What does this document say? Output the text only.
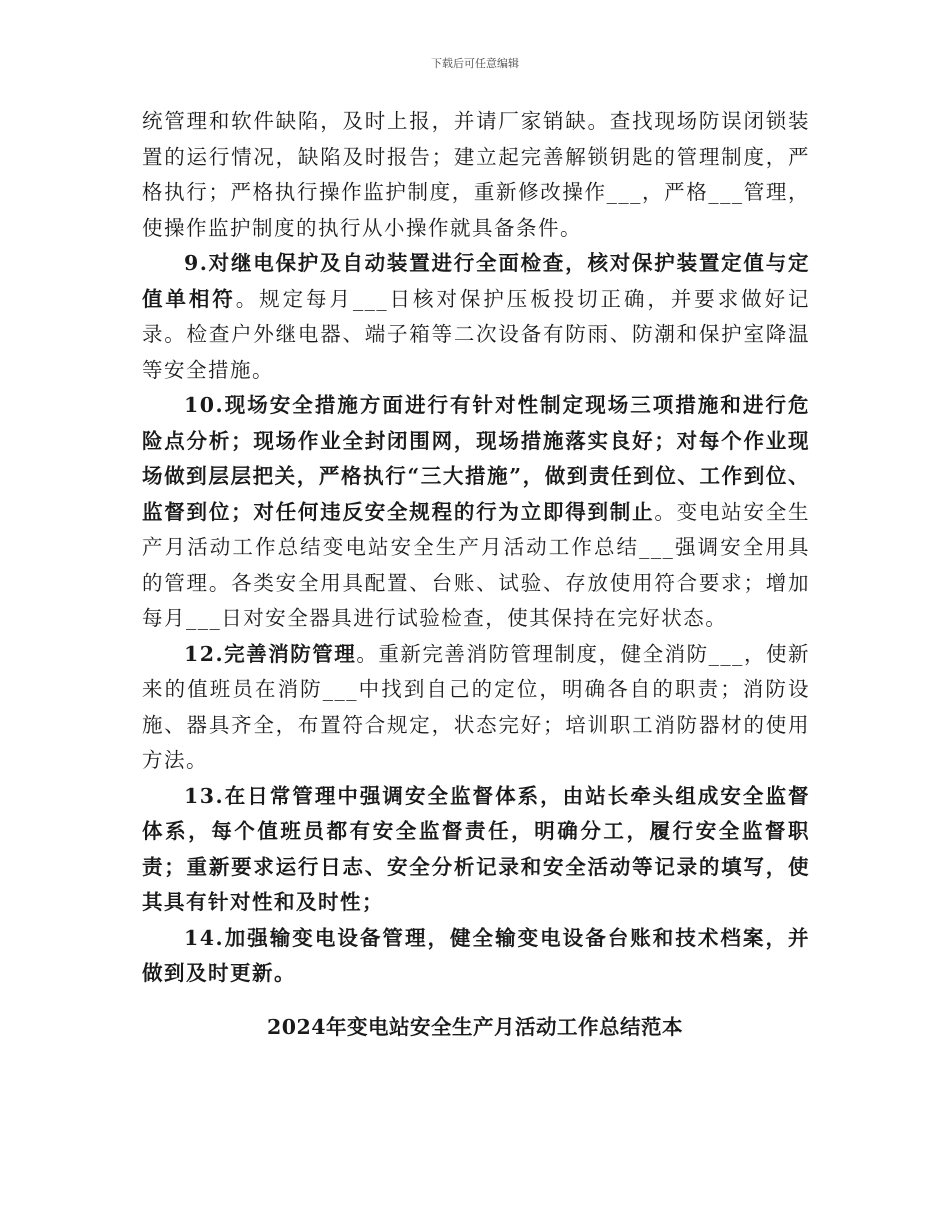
下载后可任意编辑

统管理和软件缺陷，及时上报，并请厂家销缺。查找现场防误闭锁装置的运行情况，缺陷及时报告；建立起完善解锁钥匙的管理制度，严格执行；严格执行操作监护制度，重新修改操作___，严格___管理，使操作监护制度的执行从小操作就具备条件。

9.对继电保护及自动装置进行全面检查，核对保护装置定值与定值单相符。规定每月___日核对保护压板投切正确，并要求做好记录。检查户外继电器、端子箱等二次设备有防雨、防潮和保护室降温等安全措施。

10.现场安全措施方面进行有针对性制定现场三项措施和进行危险点分析；现场作业全封闭围网，现场措施落实良好；对每个作业现场做到层层把关，严格执行“三大措施”，做到责任到位、工作到位、监督到位；对任何违反安全规程的行为立即得到制止。变电站安全生产月活动工作总结变电站安全生产月活动工作总结___强调安全用具的管理。各类安全用具配置、台账、试验、存放使用符合要求；增加每月___日对安全器具进行试验检查，使其保持在完好状态。

12.完善消防管理。重新完善消防管理制度，健全消防___，使新来的值班员在消防___中找到自己的定位，明确各自的职责；消防设施、器具齐全，布置符合规定，状态完好；培训职工消防器材的使用方法。

13.在日常管理中强调安全监督体系，由站长牵头组成安全监督体系，每个值班员都有安全监督责任，明确分工，履行安全监督职责；重新要求运行日志、安全分析记录和安全活动等记录的填写，使其具有针对性和及时性；

14.加强输变电设备管理，健全输变电设备台账和技术档案，并做到及时更新。

2024年变电站安全生产月活动工作总结范本
